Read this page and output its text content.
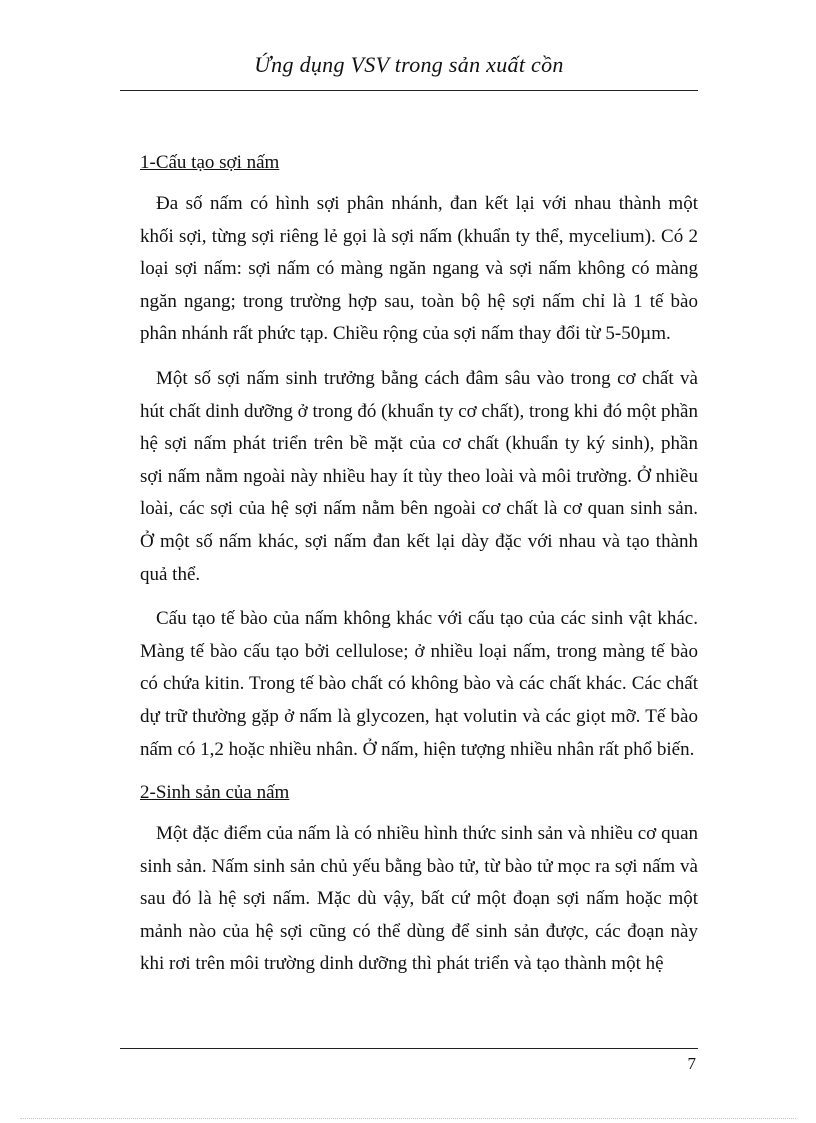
Ứng dụng VSV trong sản xuất cồn
1-Cấu tạo sợi nấm

Đa số nấm có hình sợi phân nhánh, đan kết lại với nhau thành một khối sợi, từng sợi riêng lẻ gọi là sợi nấm (khuẩn ty thể, mycelium). Có 2 loại sợi nấm: sợi nấm có màng ngăn ngang và sợi nấm không có màng ngăn ngang; trong trường hợp sau, toàn bộ hệ sợi nấm chỉ là 1 tế bào phân nhánh rất phức tạp. Chiều rộng của sợi nấm thay đổi từ 5-50µm.

Một số sợi nấm sinh trưởng bằng cách đâm sâu vào trong cơ chất và hút chất dinh dưỡng ở trong đó (khuẩn ty cơ chất), trong khi đó một phần hệ sợi nấm phát triển trên bề mặt của cơ chất (khuẩn ty ký sinh), phần sợi nấm nằm ngoài này nhiều hay ít tùy theo loài và môi trường. Ở nhiều loài, các sợi của hệ sợi nấm nằm bên ngoài cơ chất là cơ quan sinh sản. Ở một số nấm khác, sợi nấm đan kết lại dày đặc với nhau và tạo thành quả thể.

Cấu tạo tế bào của nấm không khác với cấu tạo của các sinh vật khác. Màng tế bào cấu tạo bởi cellulose; ở nhiều loại nấm, trong màng tế bào có chứa kitin. Trong tế bào chất có không bào và các chất khác. Các chất dự trữ thường gặp ở nấm là glycozen, hạt volutin và các giọt mỡ. Tế bào nấm có 1,2 hoặc nhiều nhân. Ở nấm, hiện tượng nhiều nhân rất phổ biến.

2-Sinh sản của nấm

Một đặc điểm của nấm là có nhiều hình thức sinh sản và nhiều cơ quan sinh sản. Nấm sinh sản chủ yếu bằng bào tử, từ bào tử mọc ra sợi nấm và sau đó là hệ sợi nấm. Mặc dù vậy, bất cứ một đoạn sợi nấm hoặc một mảnh nào của hệ sợi cũng có thể dùng để sinh sản được, các đoạn này khi rơi trên môi trường dinh dưỡng thì phát triển và tạo thành một hệ

7
